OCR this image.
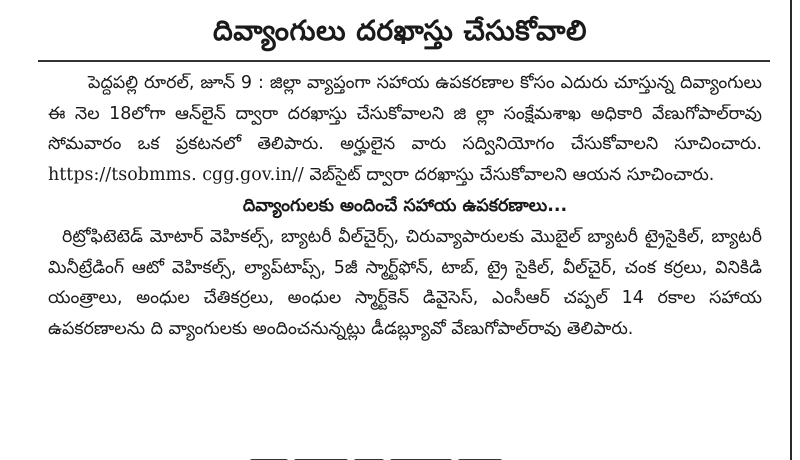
దివ్యాంగులు దరఖాస్తు చేసుకోవాలి

పెద్దపల్లి రూరల్, జూన్ 9 : జిల్లా వ్యాప్తంగా సహాయ ఉపకరణాల కోసం ఎదురు చూస్తున్న దివ్యాంగులు ఈ నెల 18లోగా ఆన్‌లైన్ ద్వారా దరఖాస్తు చేసుకోవాలని జి ల్లా సంక్షేమశాఖ అధికారి వేణుగోపాల్‌రావు సోమవారం ఒక ప్రకటనలో తెలిపారు. అర్హులైన వారు సద్వినియోగం చేసుకోవాలని సూచించారు. https://tsobmms. cgg.gov.in// వెబ్‌సైట్ ద్వారా దరఖాస్తు చేసుకోవాలని ఆయన సూచించారు.

దివ్యాంగులకు అందించే సహాయ ఉపకరణాలు...

రిట్రోఫిటెటెడ్ మోటార్ వెహికల్స్, బ్యాటరీ వీల్‌చైర్స్, చిరువ్యాపారులకు మొబైల్ బ్యాటరీ ట్రైసైకిల్, బ్యాటరీ మినీట్రేడింగ్ ఆటో వెహికల్స్, ల్యాప్‌టాప్స్, 5జీ స్మార్ట్‌ఫోన్, టాబ్, ట్రై సైకిల్, వీల్‌చైర్, చంక కర్రలు, వినికిడి యంత్రాలు, అంధుల చేతికర్రలు, అంధుల స్మార్ట్‌కెన్ డివైసెస్, ఎంసీఆర్ చప్పల్ 14 రకాల సహాయ ఉపకరణాలను ది వ్యాంగులకు అందించనున్నట్లు డీడబ్ల్యూవో వేణుగోపాల్‌రావు తెలిపారు.
